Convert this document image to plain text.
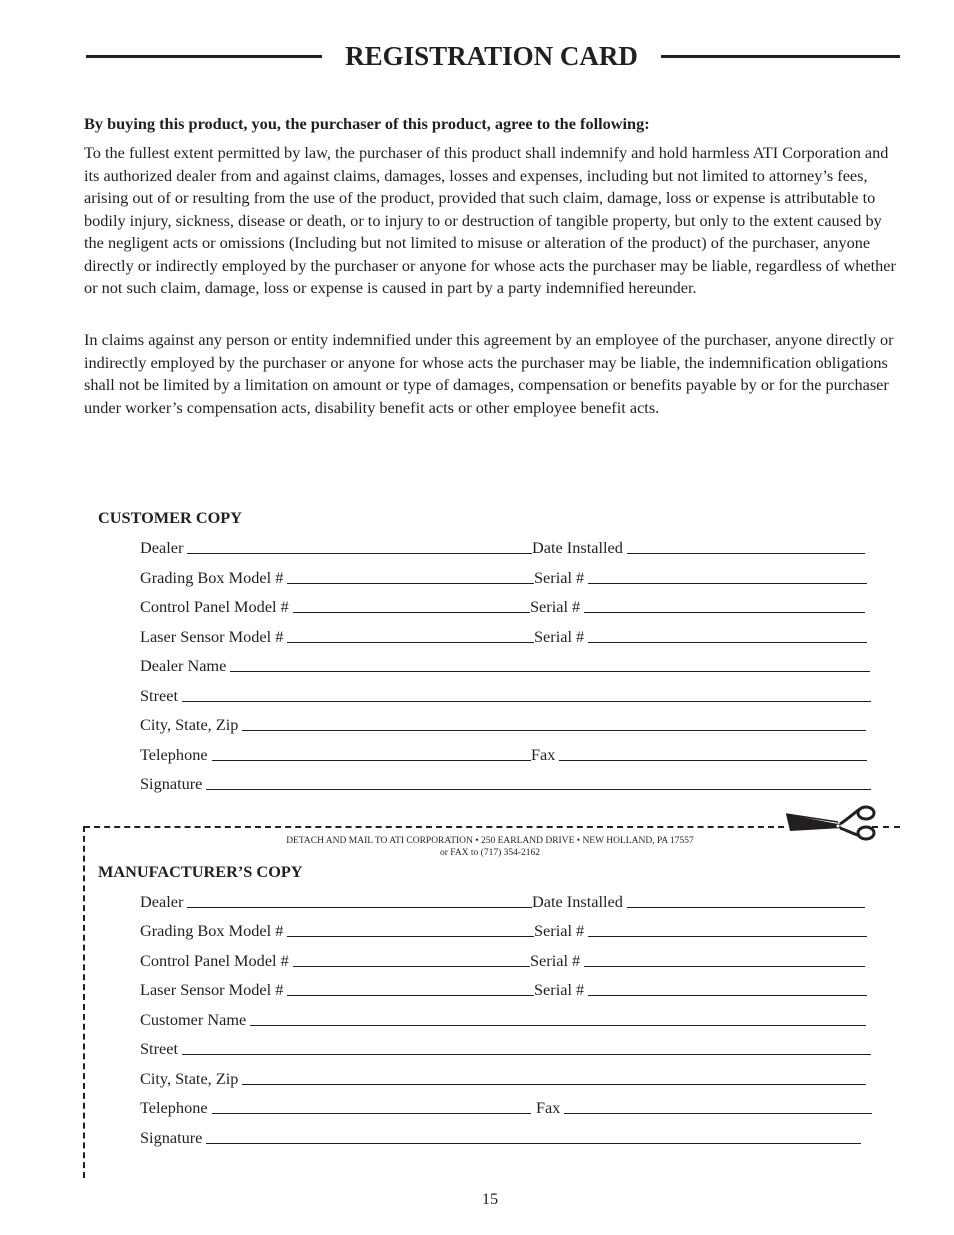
REGISTRATION CARD
By buying this product, you, the purchaser of this product, agree to the following:

To the fullest extent permitted by law, the purchaser of this product shall indemnify and hold harmless ATI Corporation and its authorized dealer from and against claims, damages, losses and expenses, including but not limited to attorney’s fees, arising out of or resulting from the use of the product, provided that such claim, damage, loss or expense is attributable to bodily injury, sickness, disease or death, or to injury to or destruction of tangible property, but only to the extent caused by the negligent acts or omissions (Including but not limited to misuse or alteration of the product) of the purchaser, anyone directly or indirectly employed by the purchaser or anyone for whose acts the purchaser may be liable, regardless of whether or not such claim, damage, loss or expense is caused in part by a party indemnified hereunder.

In claims against any person or entity indemnified under this agreement by an employee of the purchaser, anyone directly or indirectly employed by the purchaser or anyone for whose acts the purchaser may be liable, the indemnification obligations shall not be limited by a limitation on amount or type of damages, compensation or benefits payable by or for the purchaser under worker’s compensation acts, disability benefit acts or other employee benefit acts.

CUSTOMER COPY
Dealer	Date Installed
Grading Box Model #	Serial #
Control Panel Model #	Serial #
Laser Sensor Model #	Serial #
Dealer Name
Street
City, State, Zip
Telephone	Fax
Signature
DETACH AND MAIL TO ATI CORPORATION • 250 EARLAND DRIVE • NEW HOLLAND, PA 17557
or FAX to (717) 354-2162
MANUFACTURER’S COPY
Dealer	Date Installed
Grading Box Model #	Serial #
Control Panel Model #	Serial #
Laser Sensor Model #	Serial #
Customer Name
Street
City, State, Zip
Telephone	Fax
Signature
15
